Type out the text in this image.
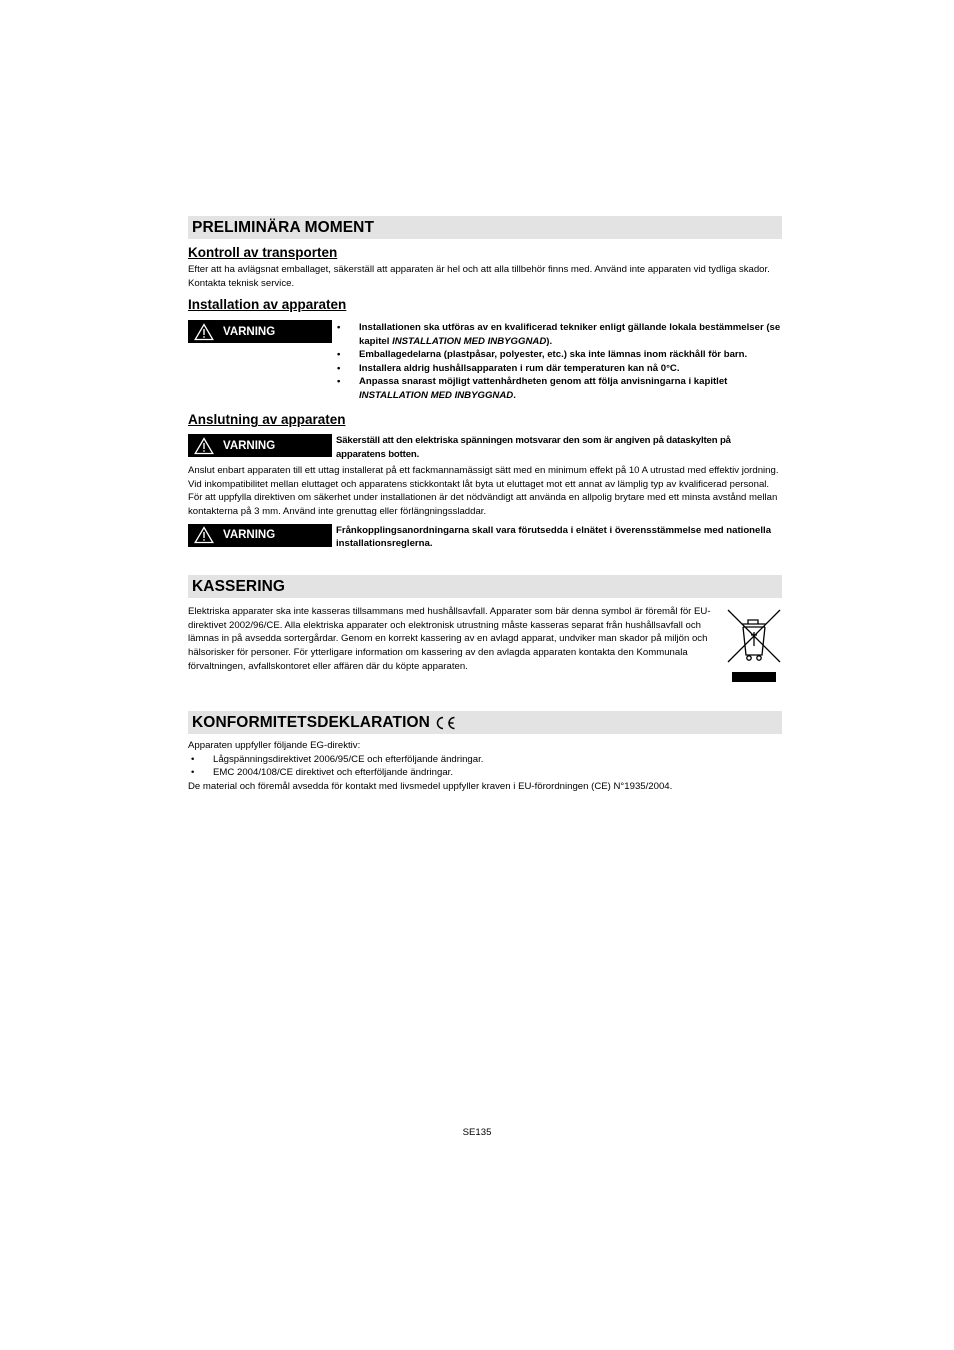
PRELIMINÄRA MOMENT
Kontroll av transporten

Efter att ha avlägsnat emballaget, säkerställ att apparaten är hel och att alla tillbehör finns med. Använd inte apparaten vid tydliga skador. Kontakta teknisk service.

Installation av apparaten
VARNING
•	Installationen ska utföras av en kvalificerad tekniker enligt gällande lokala bestämmelser (se kapitel INSTALLATION MED INBYGGNAD).
• Emballagedelarna (plastpåsar, polyester, etc.) ska inte lämnas inom räckhåll för barn.
• Installera aldrig hushållsapparaten i rum där temperaturen kan nå 0°C.
• Anpassa snarast möjligt vattenhårdheten genom att följa anvisningarna i kapitlet INSTALLATION MED INBYGGNAD.
Anslutning av apparaten
VARNING	Säkerställ att den elektriska spänningen motsvarar den som är angiven på dataskylten på apparatens botten.

Anslut enbart apparaten till ett uttag installerat på ett fackmannamässigt sätt med en minimum effekt på 10 A utrustad med effektiv jordning. Vid inkompatibilitet mellan eluttaget och apparatens stickkontakt låt byta ut eluttaget mot ett annat av lämplig typ av kvalificerad personal. För att uppfylla direktiven om säkerhet under installationen är det nödvändigt att använda en allpolig brytare med ett minsta avstånd mellan kontakterna på 3 mm. Använd inte grenuttag eller förlängningssladdar.

VARNING	Frånkopplingsanordningarna skall vara förutsedda i elnätet i överensstämmelse med nationella installationsreglerna.
KASSERING

Elektriska apparater ska inte kasseras tillsammans med hushållsavfall. Apparater som bär denna symbol är föremål för EU-direktivet 2002/96/CE. Alla elektriska apparater och elektronisk utrustning måste kasseras separat från hushållsavfall och lämnas in på avsedda sortergårdar. Genom en korrekt kassering av en avlagd apparat, undviker man skador på miljön och hälsorisker för personer. För ytterligare information om kassering av den avlagda apparaten kontakta den Kommunala förvaltningen, avfallskontoret eller affären där du köpte apparaten.

KONFORMITETSDEKLARATION

Apparaten uppfyller följande EG-direktiv:

• Lågspänningsdirektivet 2006/95/CE och efterföljande ändringar.
• EMC 2004/108/CE direktivet och efterföljande ändringar.

De material och föremål avsedda för kontakt med livsmedel uppfyller kraven i EU-förordningen (CE) N°1935/2004.

SE135
